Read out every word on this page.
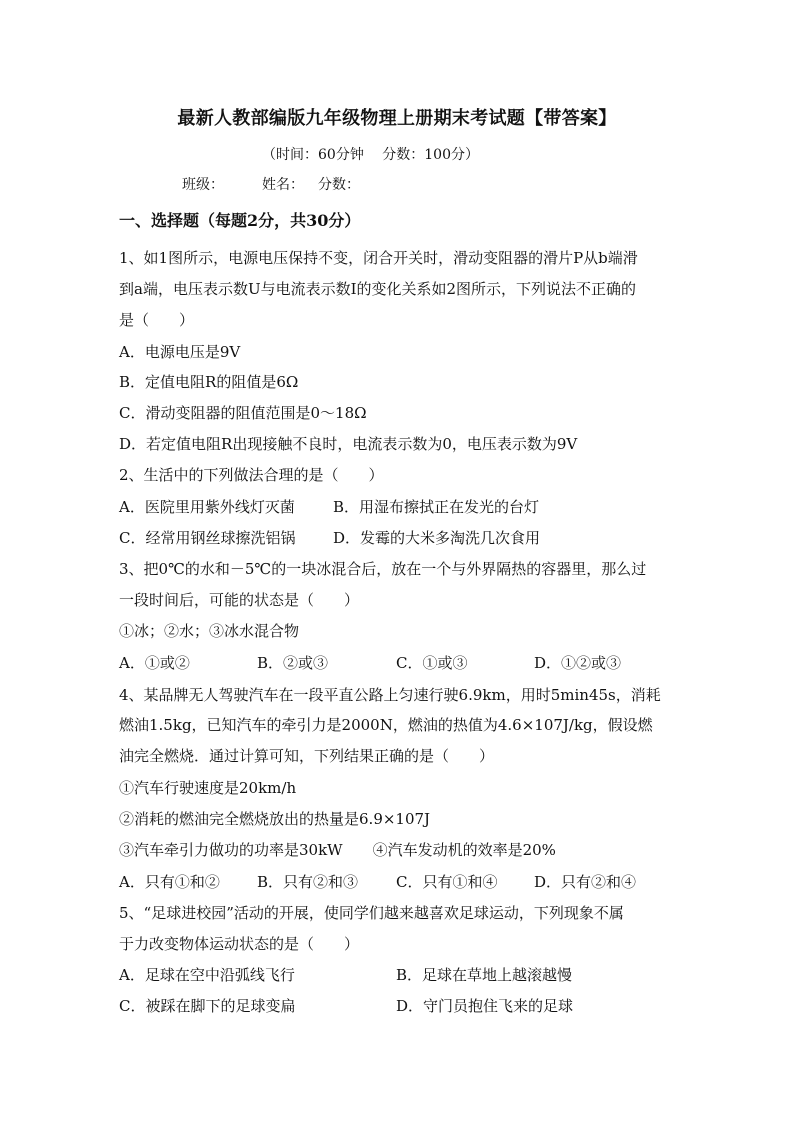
最新人教部编版九年级物理上册期末考试题【带答案】
（时间：60分钟　 分数：100分）
班级：	姓名： 分数：
一、选择题（每题2分，共30分）
1、如1图所示，电源电压保持不变，闭合开关时，滑动变阻器的滑片P从b端滑
到a端，电压表示数U与电流表示数I的变化关系如2图所示，下列说法不正确的
是（　　）
A．电源电压是9V
B．定值电阻R的阻值是6Ω
C．滑动变阻器的阻值范围是0～18Ω
D．若定值电阻R出现接触不良时，电流表示数为0，电压表示数为9V
2、生活中的下列做法合理的是（　　）
A．医院里用紫外线灯灭菌	B．用湿布擦拭正在发光的台灯
C．经常用钢丝球擦洗铝锅	D．发霉的大米多淘洗几次食用
3、把0℃的水和－5℃的一块冰混合后，放在一个与外界隔热的容器里，那么过
一段时间后，可能的状态是（　　）
①冰；②水；③冰水混合物
A．①或②	B．②或③	C．①或③	D．①②或③
4、某品牌无人驾驶汽车在一段平直公路上匀速行驶6.9km，用时5min45s，消耗
燃油1.5kg，已知汽车的牵引力是2000N，燃油的热值为4.6×107J/kg，假设燃
油完全燃烧．通过计算可知，下列结果正确的是（　　）
①汽车行驶速度是20km/h
②消耗的燃油完全燃烧放出的热量是6.9×107J
③汽车牵引力做功的功率是30kW　　④汽车发动机的效率是20%
A．只有①和② B．只有②和③	C．只有①和④ D．只有②和④
5、“足球进校园”活动的开展，使同学们越来越喜欢足球运动，下列现象不属
于力改变物体运动状态的是（　　）
A．足球在空中沿弧线飞行	B．足球在草地上越滚越慢
C．被踩在脚下的足球变扁	D．守门员抱住飞来的足球
